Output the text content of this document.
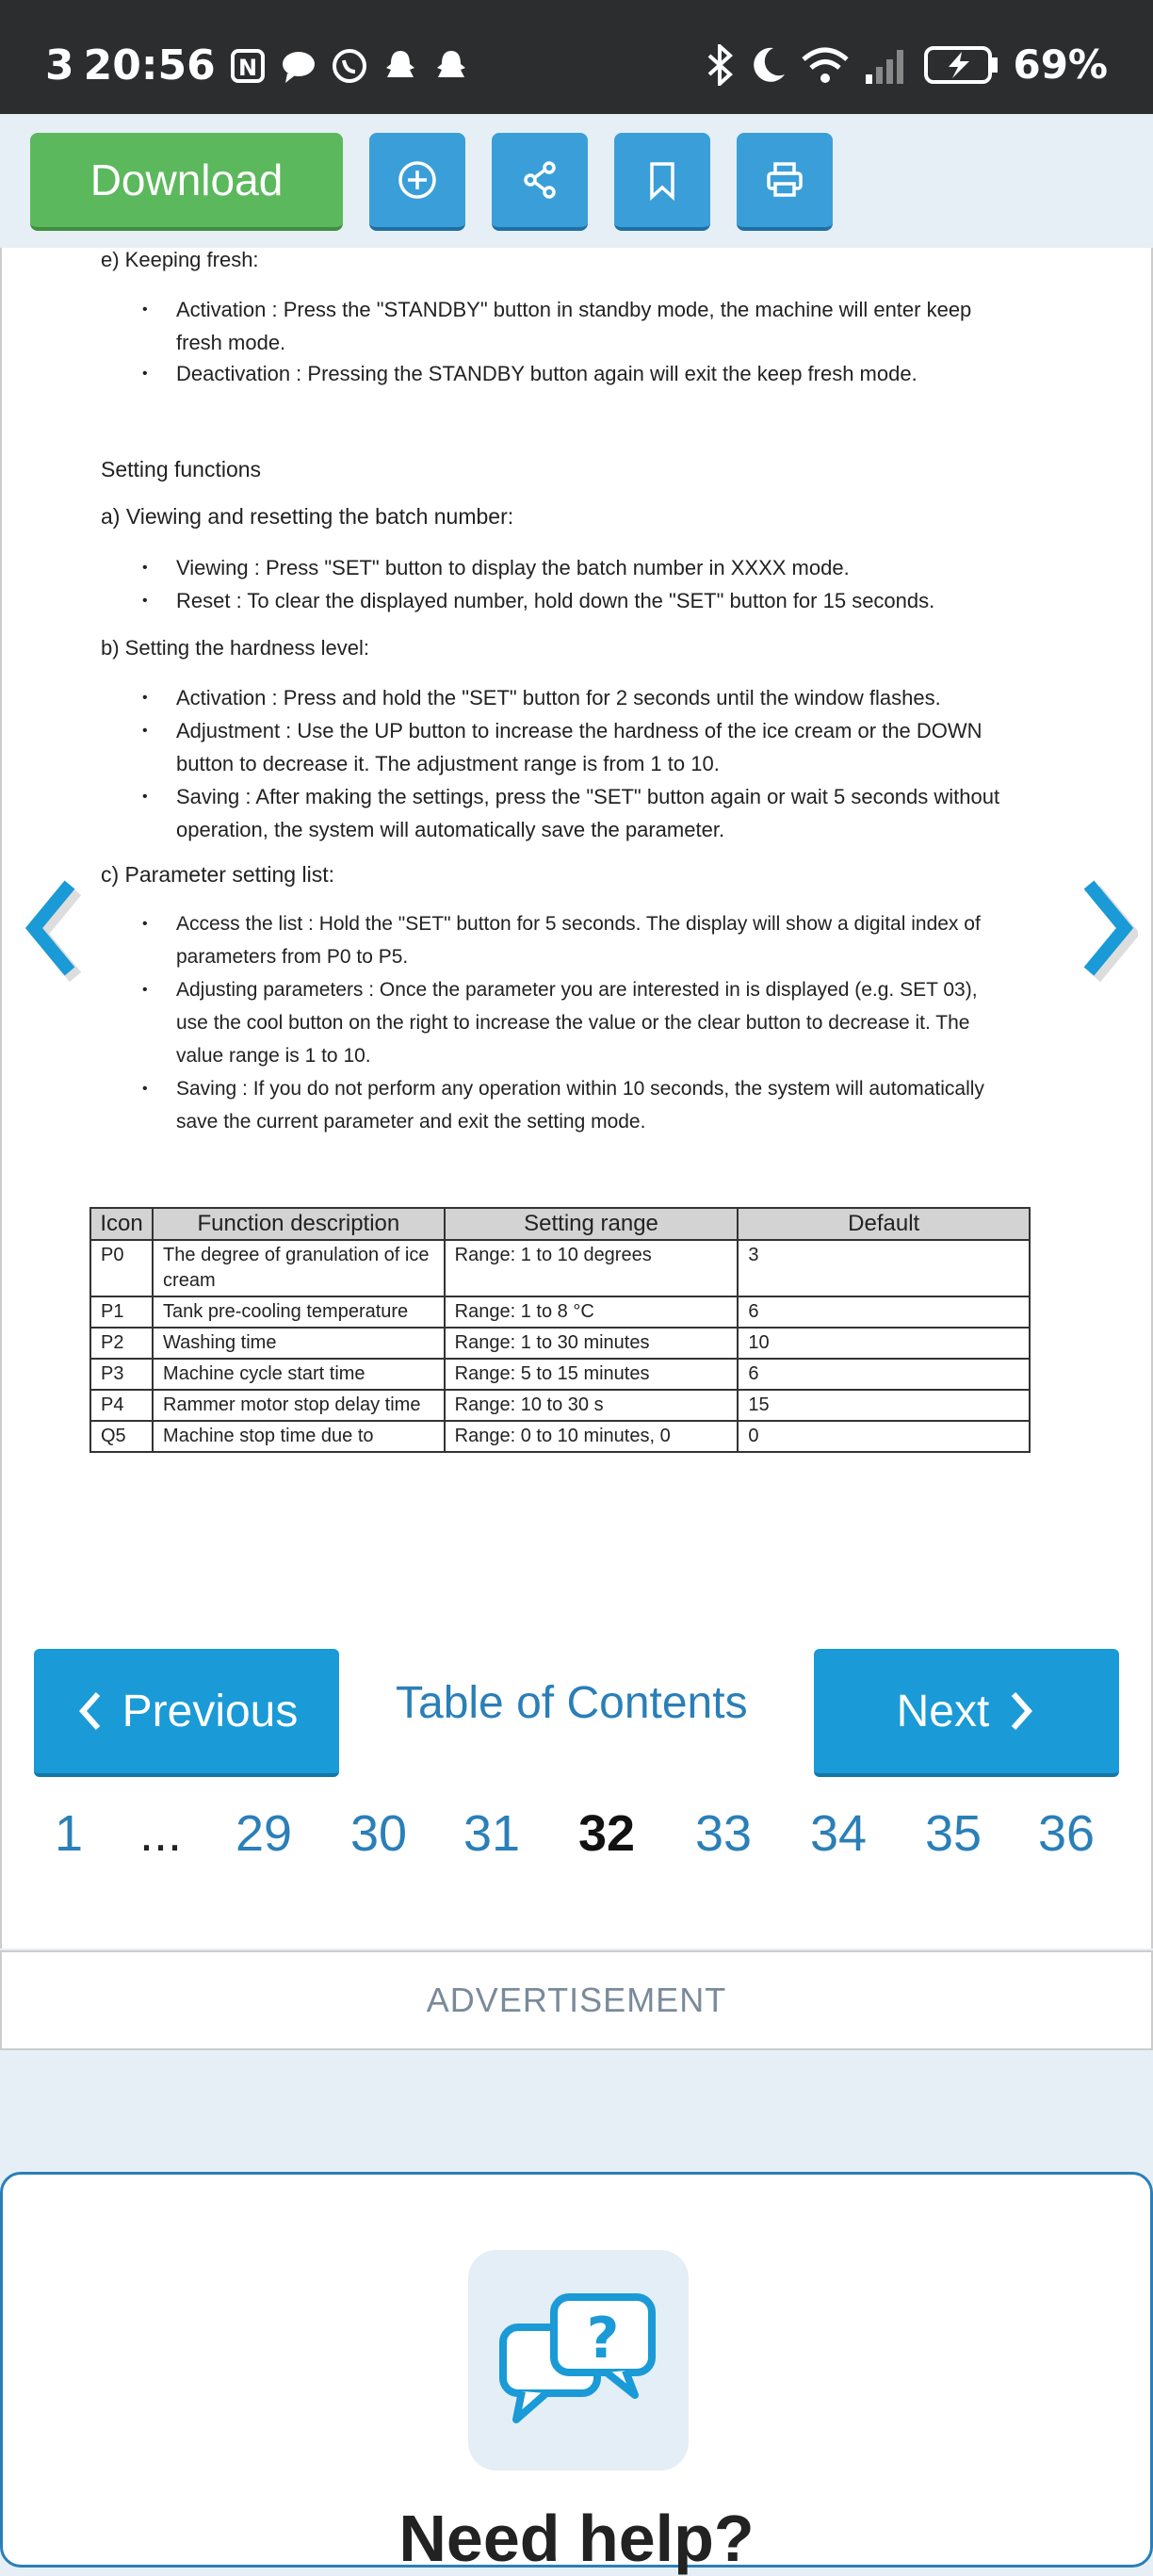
3 20:56 N	69%
Download
e) Keeping fresh:
• Activation : Press the "STANDBY" button in standby mode, the machine will enter keep fresh mode.
• Deactivation : Pressing the STANDBY button again will exit the keep fresh mode.
Setting functions
a) Viewing and resetting the batch number:
• Viewing : Press "SET" button to display the batch number in XXXX mode.
• Reset : To clear the displayed number, hold down the "SET" button for 15 seconds.
b) Setting the hardness level:
• Activation : Press and hold the "SET" button for 2 seconds until the window flashes.
• Adjustment : Use the UP button to increase the hardness of the ice cream or the DOWN button to decrease it. The adjustment range is from 1 to 10.
• Saving : After making the settings, press the "SET" button again or wait 5 seconds without operation, the system will automatically save the parameter.
c) Parameter setting list:
• Access the list : Hold the "SET" button for 5 seconds. The display will show a digital index of parameters from P0 to P5.
• Adjusting parameters : Once the parameter you are interested in is displayed (e.g. SET 03), use the cool button on the right to increase the value or the clear button to decrease it. The value range is 1 to 10.
• Saving : If you do not perform any operation within 10 seconds, the system will automatically save the current parameter and exit the setting mode.
Icon	Function description	Setting range	Default
P0	The degree of granulation of ice cream	Range: 1 to 10 degrees	3
P1	Tank pre-cooling temperature	Range: 1 to 8 °C	6
P2	Washing time	Range: 1 to 30 minutes	10
P3	Machine cycle start time	Range: 5 to 15 minutes	6
P4	Rammer motor stop delay time	Range: 10 to 30 s	15
Q5	Machine stop time due to	Range: 0 to 10 minutes, 0	0
Previous Table of Contents	Next
1 ... 29 30 31 32 33 34 35 36
ADVERTISEMENT
?
Need help?
